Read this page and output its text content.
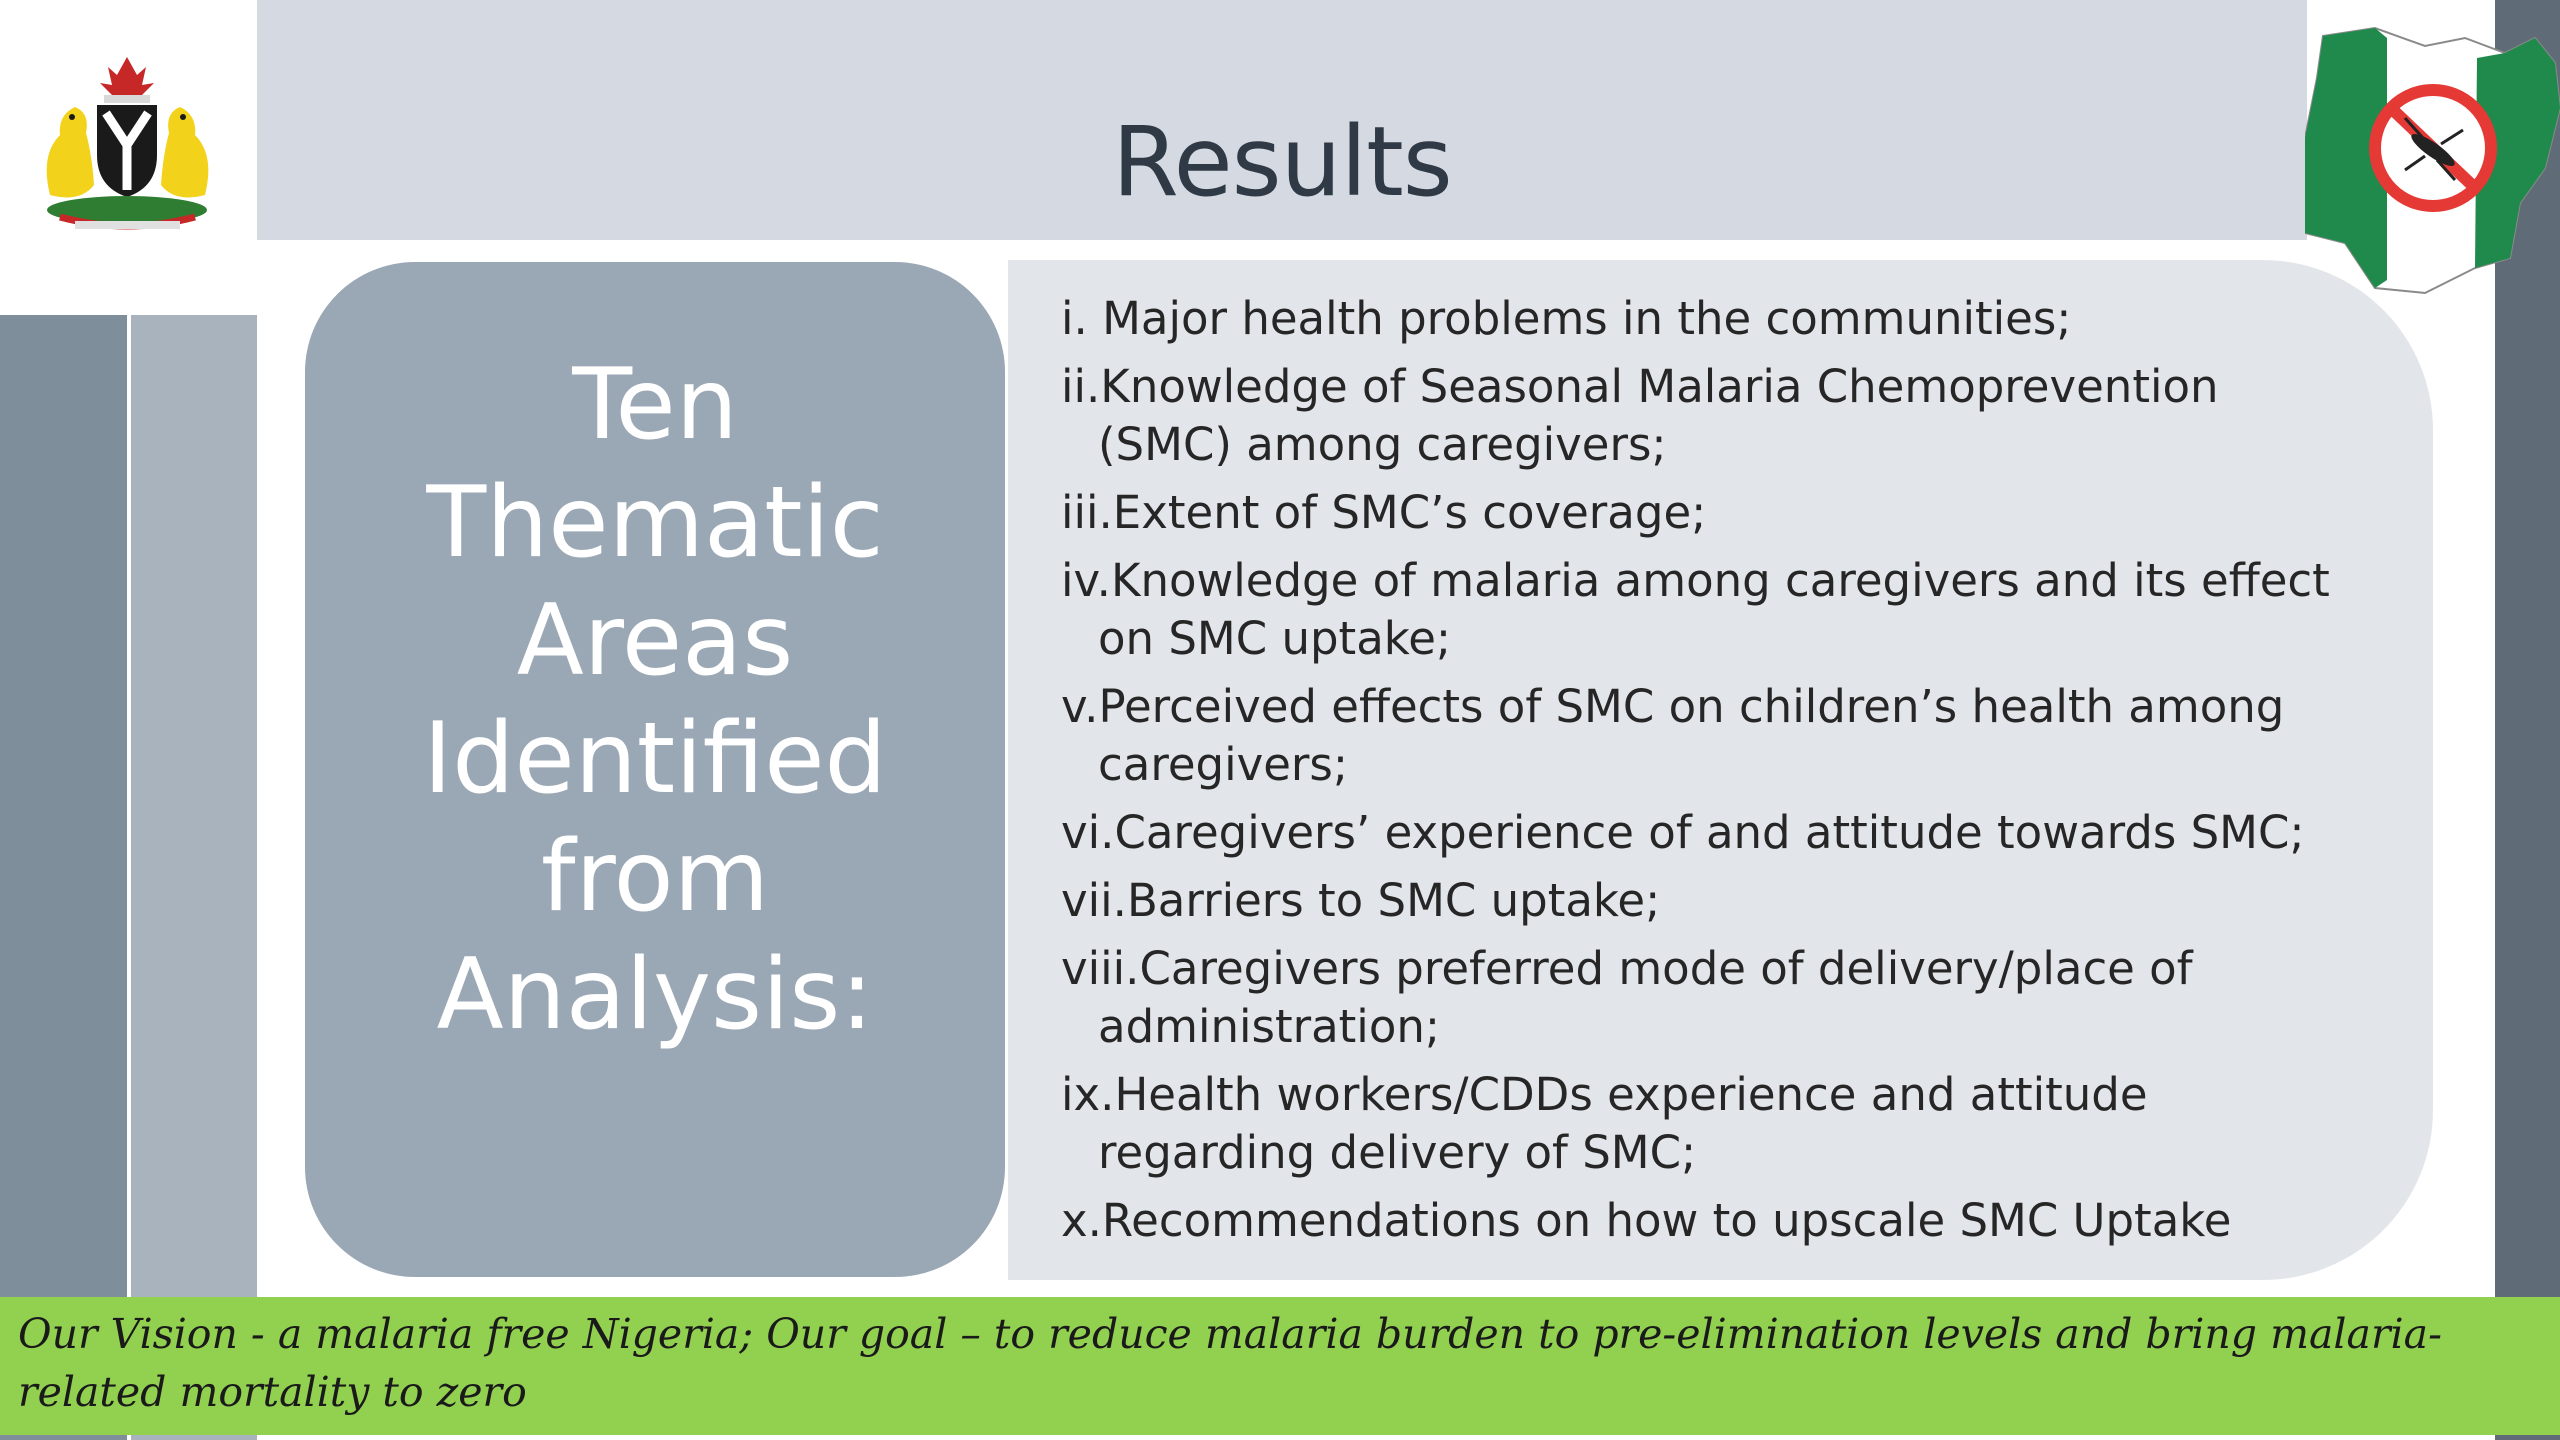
Results
Ten Thematic Areas Identified from Analysis:
i. Major health problems in the communities;
ii.Knowledge of Seasonal Malaria Chemoprevention (SMC) among caregivers;
iii.Extent of SMC’s coverage;
iv.Knowledge of malaria among caregivers and its effect on SMC uptake;
v.Perceived effects of SMC on children’s health among caregivers;
vi.Caregivers’ experience of and attitude towards SMC;
vii.Barriers to SMC uptake;
viii.Caregivers preferred mode of delivery/place of administration;
ix.Health workers/CDDs experience and attitude regarding delivery of SMC;
x.Recommendations on how to upscale SMC Uptake
Our Vision - a malaria free Nigeria; Our goal – to reduce malaria burden to pre-elimination levels and bring malaria-related mortality to zero
